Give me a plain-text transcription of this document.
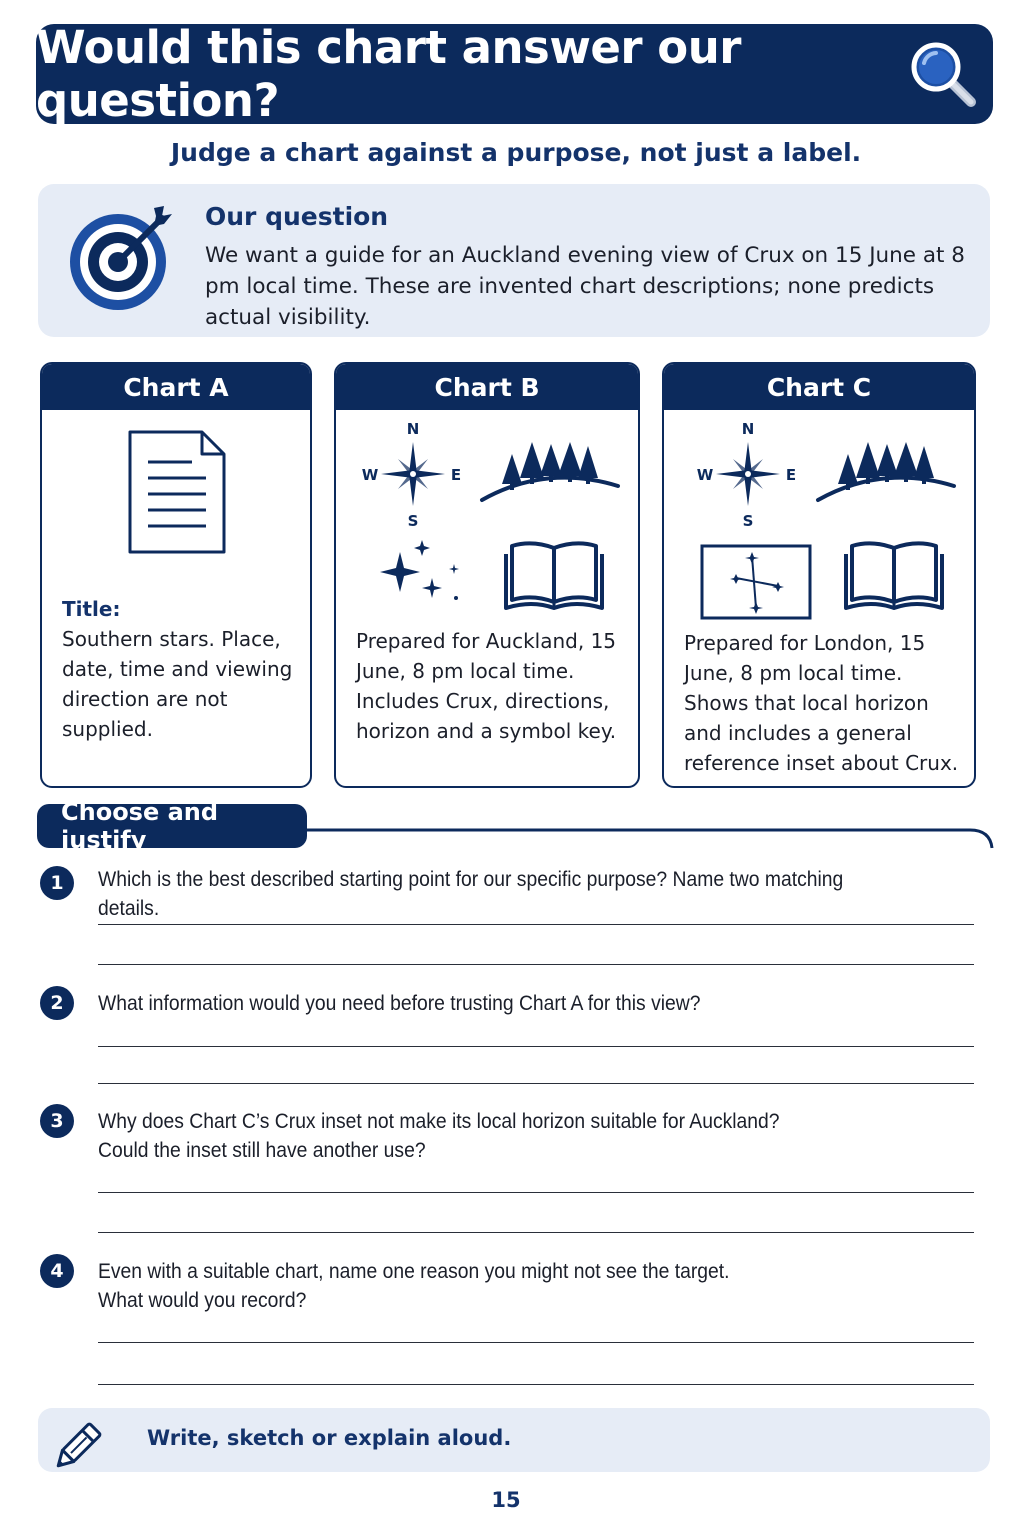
Would this chart answer our question?
Judge a chart against a purpose, not just a label.
Our question

We want a guide for an Auckland evening view of Crux on 15 June at 8 pm local time. These are invented chart descriptions; none predicts actual visibility.

Chart A
Title:
Southern stars. Place, date, time and viewing direction are not supplied.
Chart B
N
S
E
W
Prepared for Auckland, 15 June, 8 pm local time. Includes Crux, directions, horizon and a symbol key.
Chart C
N
S
E
W
Prepared for London, 15 June, 8 pm local time. Shows that local horizon and includes a general reference inset about Crux.
Choose and justify
1	Which is the best described starting point for our specific purpose? Name two matching details.
2	What information would you need before trusting Chart A for this view?
3	Why does Chart C’s Crux inset not make its local horizon suitable for Auckland?
Could the inset still have another use?
4	Even with a suitable chart, name one reason you might not see the target.
What would you record?
Write, sketch or explain aloud.
15
